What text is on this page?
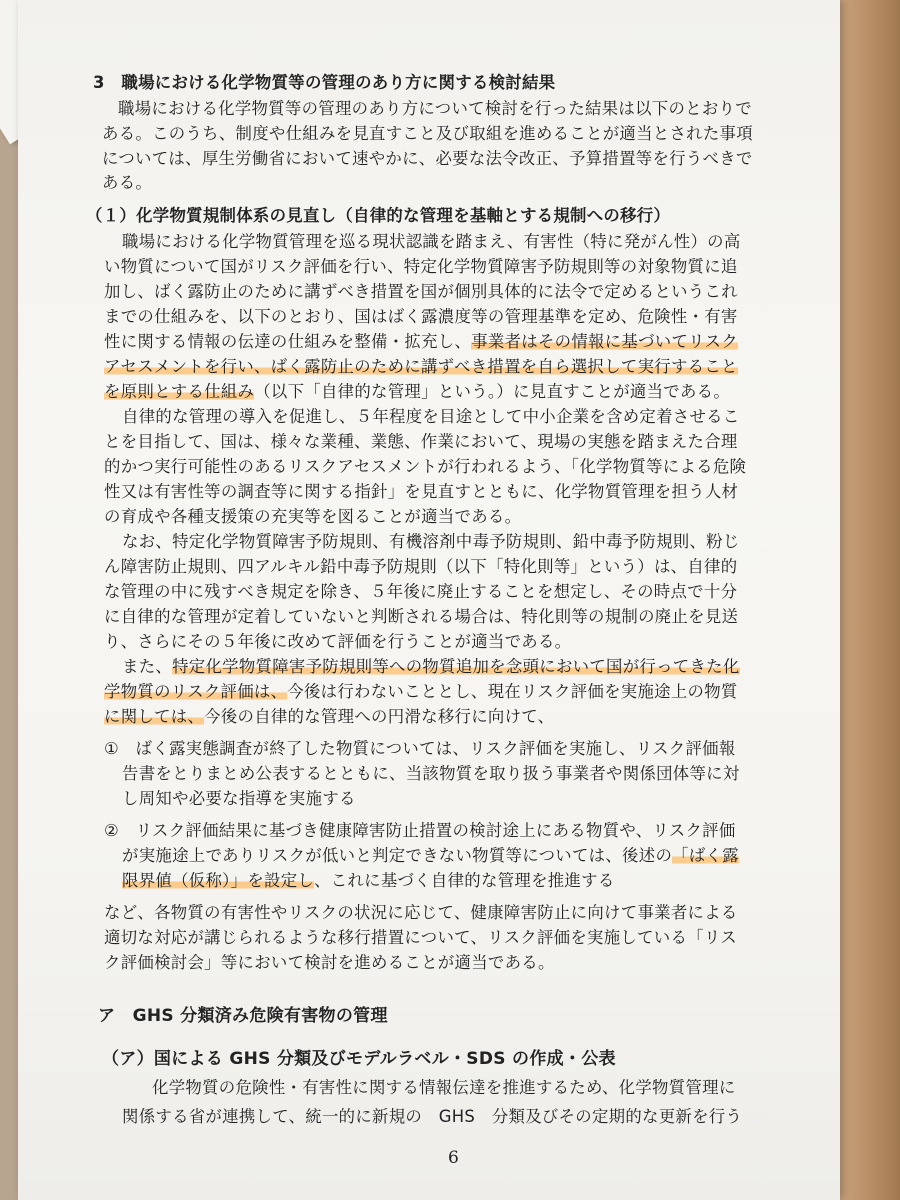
3　職場における化学物質等の管理のあり方に関する検討結果
職場における化学物質等の管理のあり方について検討を行った結果は以下のとおりで
ある。このうち、制度や仕組みを見直すこと及び取組を進めることが適当とされた事項
については、厚生労働省において速やかに、必要な法令改正、予算措置等を行うべきで
ある。
（１）化学物質規制体系の見直し（自律的な管理を基軸とする規制への移行）
職場における化学物質管理を巡る現状認識を踏まえ、有害性（特に発がん性）の高
い物質について国がリスク評価を行い、特定化学物質障害予防規則等の対象物質に追
加し、ばく露防止のために講ずべき措置を国が個別具体的に法令で定めるというこれ
までの仕組みを、以下のとおり、国はばく露濃度等の管理基準を定め、危険性・有害
性に関する情報の伝達の仕組みを整備・拡充し、事業者はその情報に基づいてリスク
アセスメントを行い、ばく露防止のために講ずべき措置を自ら選択して実行すること
を原則とする仕組み（以下「自律的な管理」という。）に見直すことが適当である。
自律的な管理の導入を促進し、５年程度を目途として中小企業を含め定着させるこ
とを目指して、国は、様々な業種、業態、作業において、現場の実態を踏まえた合理
的かつ実行可能性のあるリスクアセスメントが行われるよう、「化学物質等による危険
性又は有害性等の調査等に関する指針」を見直すとともに、化学物質管理を担う人材
の育成や各種支援策の充実等を図ることが適当である。
なお、特定化学物質障害予防規則、有機溶剤中毒予防規則、鉛中毒予防規則、粉じ
ん障害防止規則、四アルキル鉛中毒予防規則（以下「特化則等」という）は、自律的
な管理の中に残すべき規定を除き、５年後に廃止することを想定し、その時点で十分
に自律的な管理が定着していないと判断される場合は、特化則等の規制の廃止を見送
り、さらにその５年後に改めて評価を行うことが適当である。
また、特定化学物質障害予防規則等への物質追加を念頭において国が行ってきた化
学物質のリスク評価は、今後は行わないこととし、現在リスク評価を実施途上の物質
に関しては、今後の自律的な管理への円滑な移行に向けて、
①　ばく露実態調査が終了した物質については、リスク評価を実施し、リスク評価報
告書をとりまとめ公表するとともに、当該物質を取り扱う事業者や関係団体等に対
し周知や必要な指導を実施する
②　リスク評価結果に基づき健康障害防止措置の検討途上にある物質や、リスク評価
が実施途上でありリスクが低いと判定できない物質等については、後述の「ばく露
限界値（仮称）」を設定し、これに基づく自律的な管理を推進する
など、各物質の有害性やリスクの状況に応じて、健康障害防止に向けて事業者による
適切な対応が講じられるような移行措置について、リスク評価を実施している「リス
ク評価検討会」等において検討を進めることが適当である。
ア　GHS 分類済み危険有害物の管理
（ア）国による GHS 分類及びモデルラベル・SDS の作成・公表
化学物質の危険性・有害性に関する情報伝達を推進するため、化学物質管理に
関係する省が連携して、統一的に新規の　GHS　分類及びその定期的な更新を行う
6
